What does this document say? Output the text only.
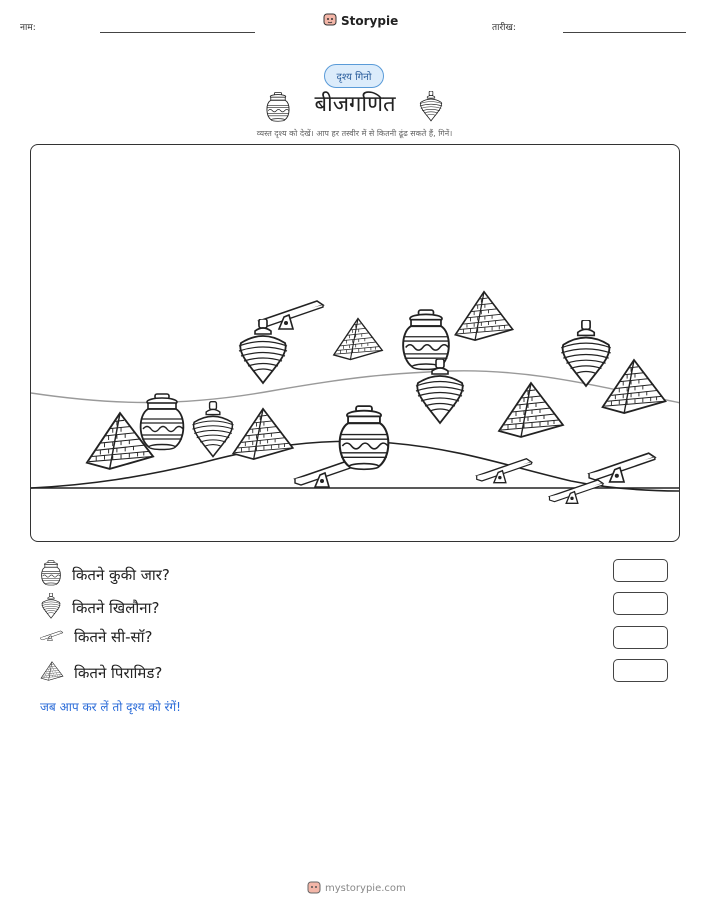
नाम:
Storypie
तारीख:
दृश्य गिनो
बीजगणित
व्यस्त दृश्य को देखें। आप हर तस्वीर में से कितनी ढूंढ सकते हैं, गिनें।
कितने कुकी जार?
कितने खिलौना?
कितने सी-सॉ?
कितने पिरामिड?
जब आप कर लें तो दृश्य को रंगें!
mystorypie.com
